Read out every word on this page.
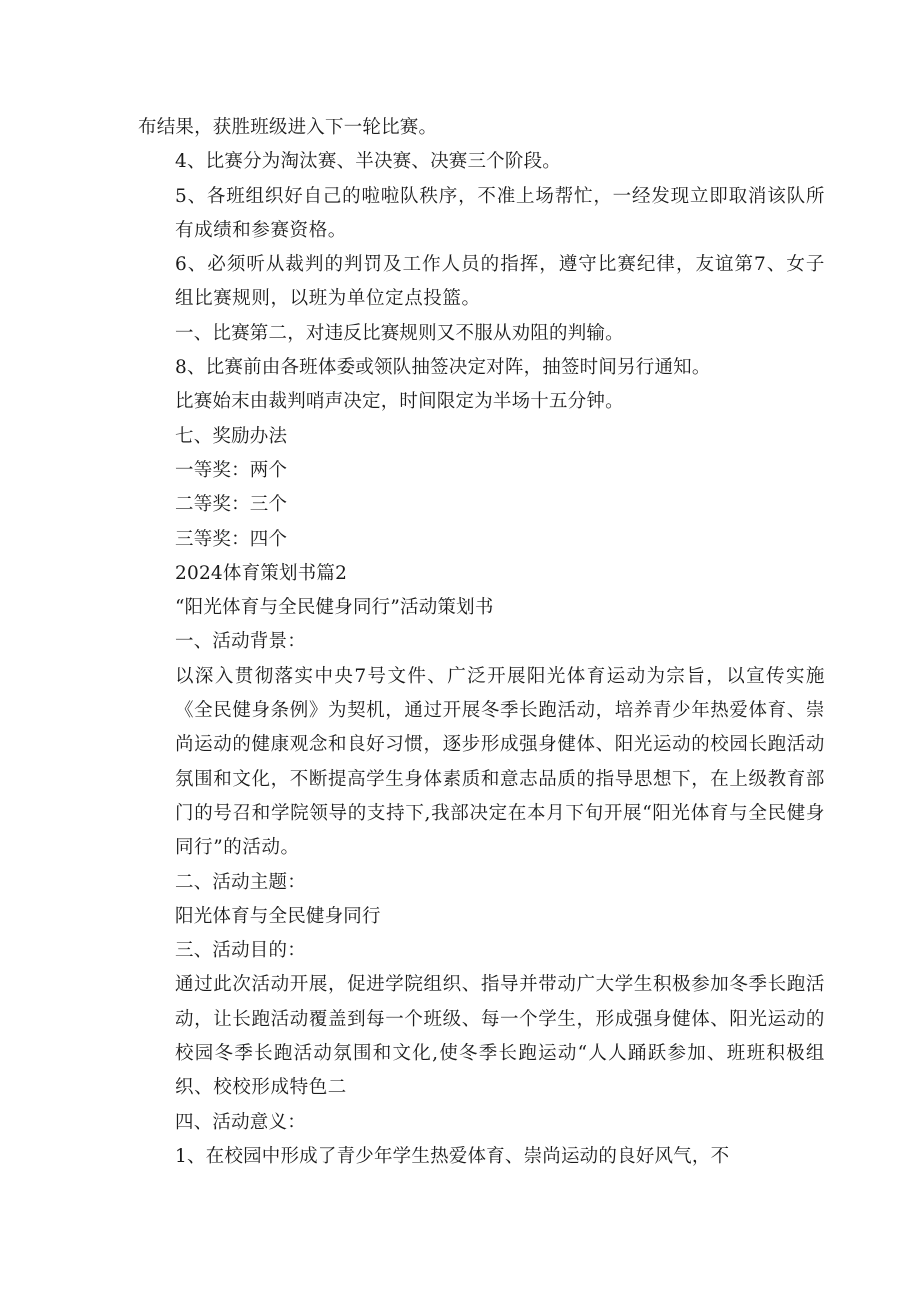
布结果，获胜班级进入下一轮比赛。

4、比赛分为淘汰赛、半决赛、决赛三个阶段。

5、各班组织好自己的啦啦队秩序，不准上场帮忙，一经发现立即取消该队所有成绩和参赛资格。

6、必须听从裁判的判罚及工作人员的指挥，遵守比赛纪律，友谊第7、女子组比赛规则，以班为单位定点投篮。

一、比赛第二，对违反比赛规则又不服从劝阻的判输。

8、比赛前由各班体委或领队抽签决定对阵，抽签时间另行通知。

比赛始末由裁判哨声决定，时间限定为半场十五分钟。

七、奖励办法

一等奖：两个

二等奖：三个

三等奖：四个

2024体育策划书篇2

“阳光体育与全民健身同行”活动策划书

一、活动背景：

以深入贯彻落实中央7号文件、广泛开展阳光体育运动为宗旨，以宣传实施《全民健身条例》为契机，通过开展冬季长跑活动，培养青少年热爱体育、崇尚运动的健康观念和良好习惯，逐步形成强身健体、阳光运动的校园长跑活动氛围和文化，不断提高学生身体素质和意志品质的指导思想下，在上级教育部门的号召和学院领导的支持下,我部决定在本月下旬开展“阳光体育与全民健身同行”的活动。

二、活动主题：

阳光体育与全民健身同行

三、活动目的：

通过此次活动开展，促进学院组织、指导并带动广大学生积极参加冬季长跑活动，让长跑活动覆盖到每一个班级、每一个学生，形成强身健体、阳光运动的校园冬季长跑活动氛围和文化,使冬季长跑运动“人人踊跃参加、班班积极组织、校校形成特色二

四、活动意义：

1、在校园中形成了青少年学生热爱体育、崇尚运动的良好风气，不
